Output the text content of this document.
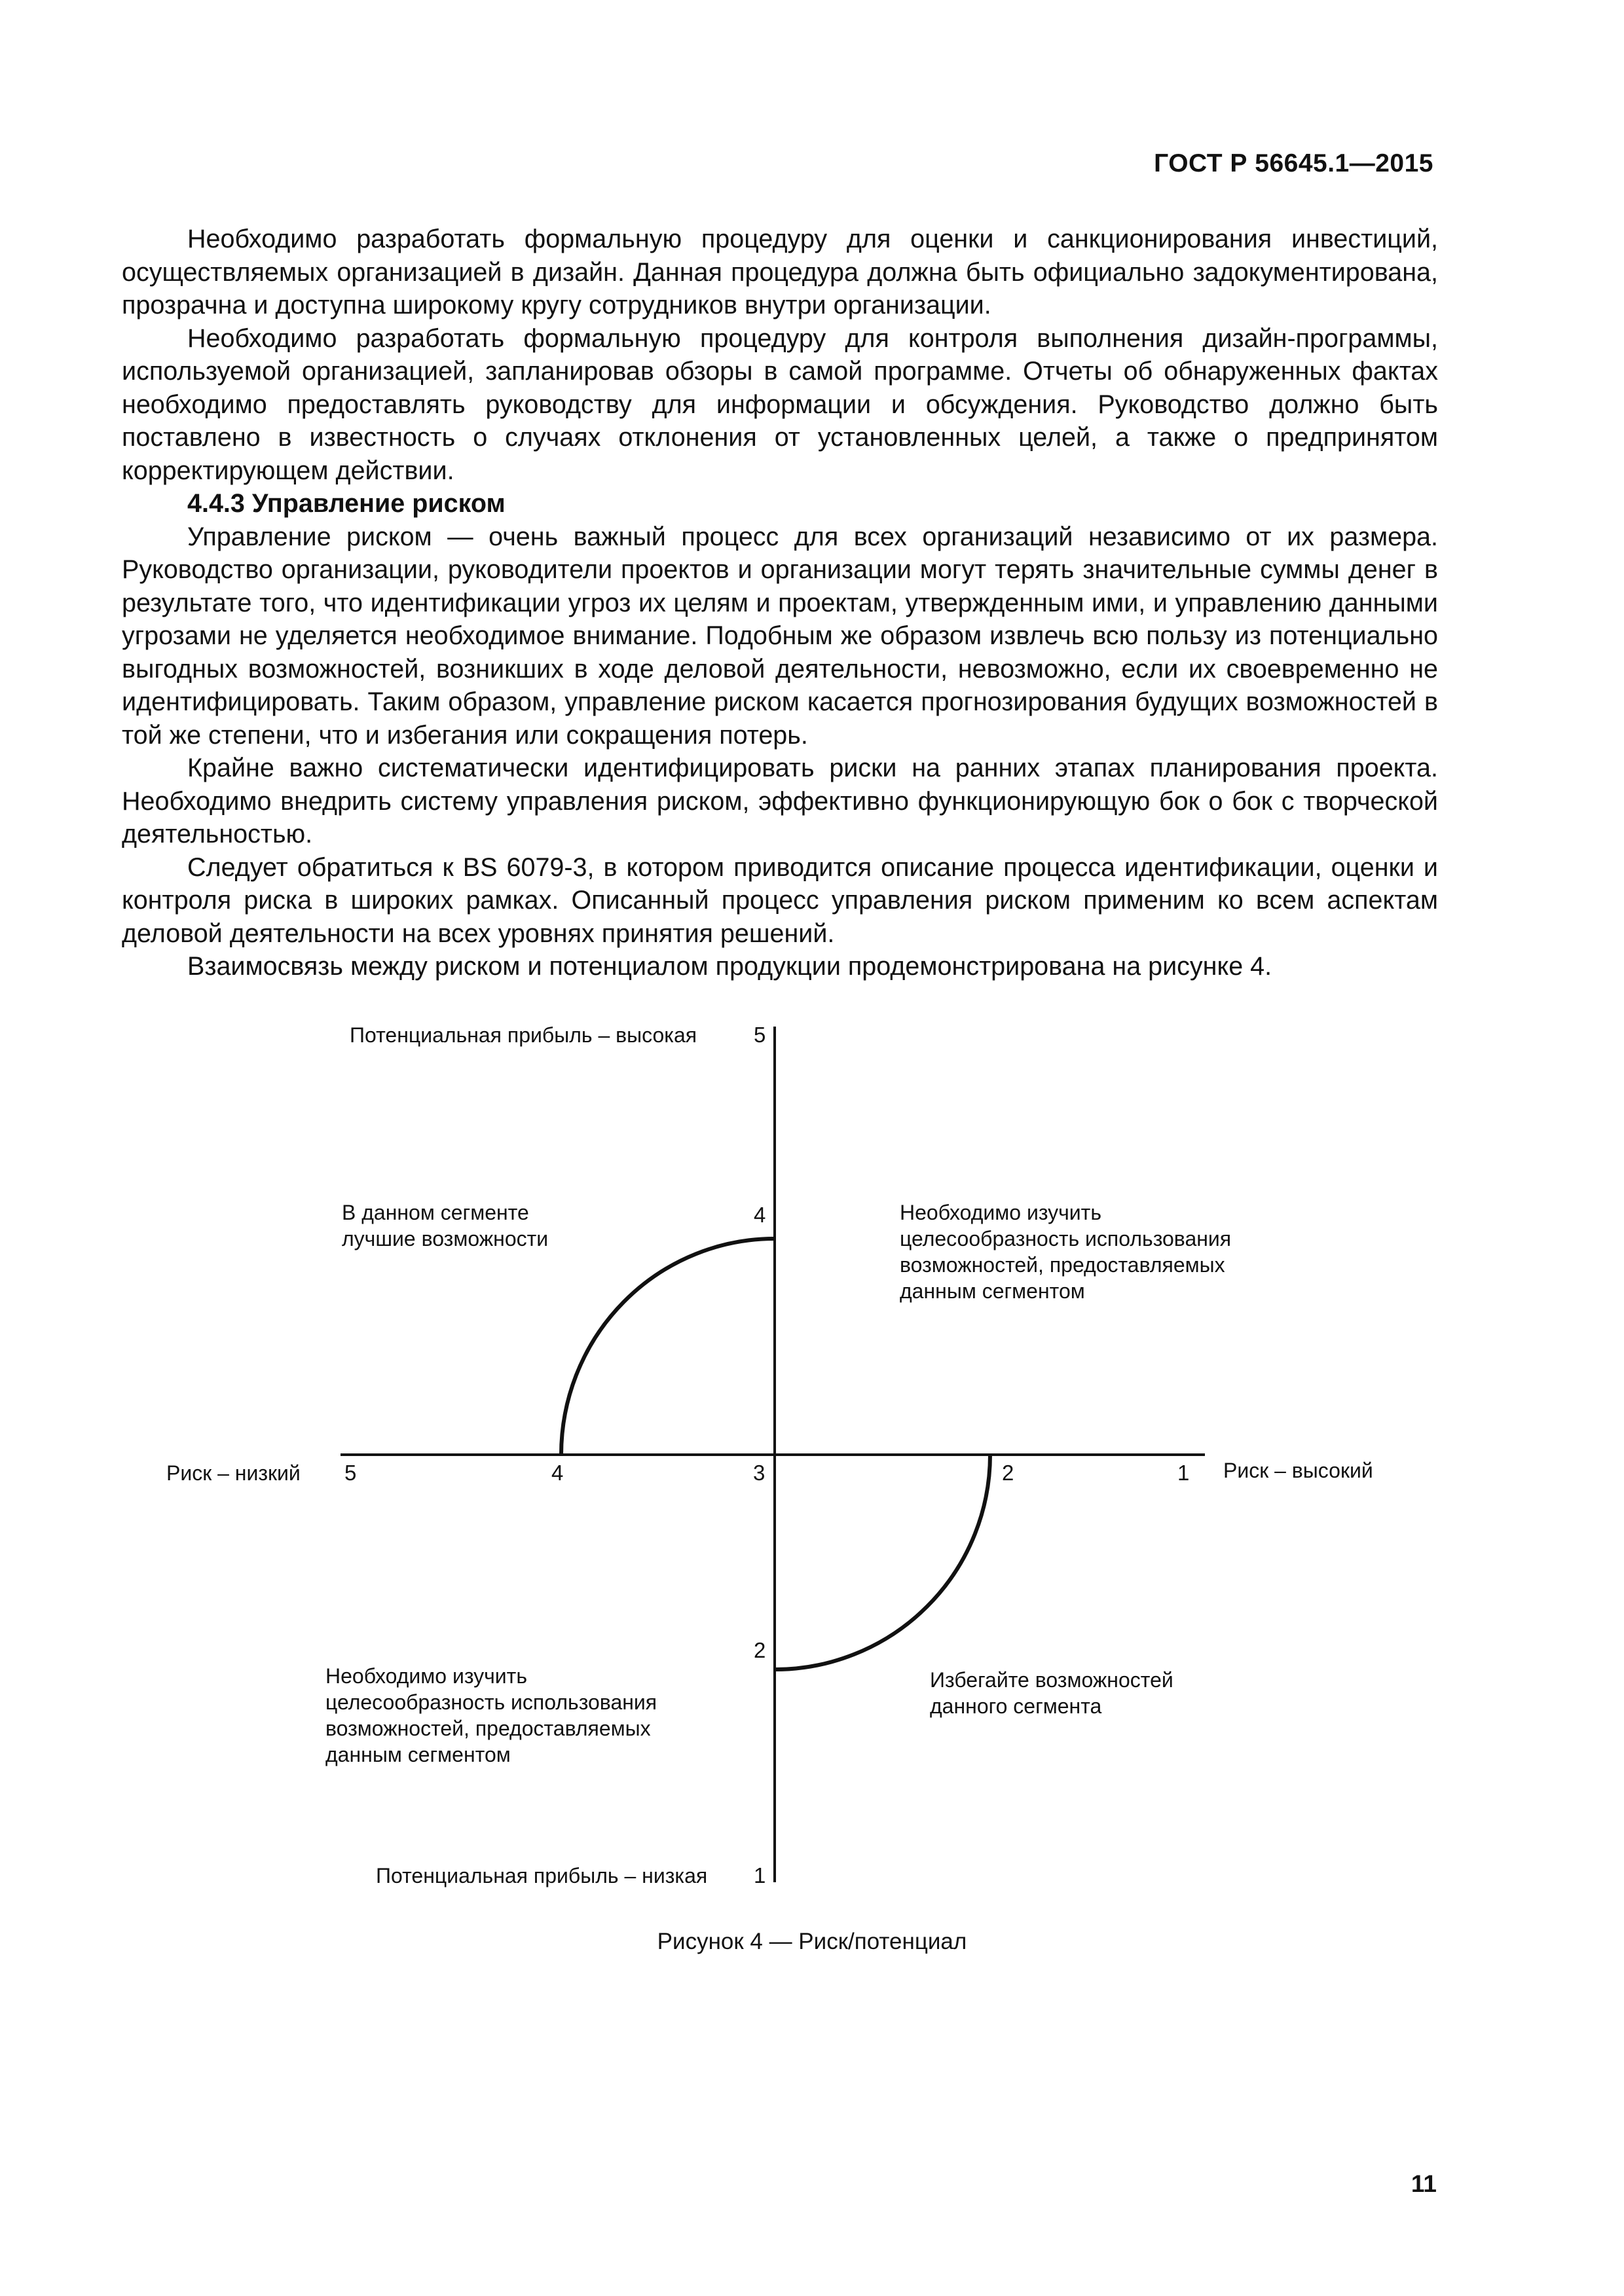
ГОСТ Р 56645.1—2015

Необходимо разработать формальную процедуру для оценки и санкционирования инвестиций, осуществляемых организацией в дизайн. Данная процедура должна быть официально задокументирована, прозрачна и доступна широкому кругу сотрудников внутри организации.

Необходимо разработать формальную процедуру для контроля выполнения дизайн-программы, используемой организацией, запланировав обзоры в самой программе. Отчеты об обнаруженных фактах необходимо предоставлять руководству для информации и обсуждения. Руководство должно быть поставлено в известность о случаях отклонения от установленных целей, а также о предпринятом корректирующем действии.

4.4.3 Управление риском

Управление риском — очень важный процесс для всех организаций независимо от их размера. Руководство организации, руководители проектов и организации могут терять значительные суммы денег в результате того, что идентификации угроз их целям и проектам, утвержденным ими, и управлению данными угрозами не уделяется необходимое внимание. Подобным же образом извлечь всю пользу из потенциально выгодных возможностей, возникших в ходе деловой деятельности, невозможно, если их своевременно не идентифицировать. Таким образом, управление риском касается прогнозирования будущих возможностей в той же степени, что и избегания или сокращения потерь.

Крайне важно систематически идентифицировать риски на ранних этапах планирования проекта. Необходимо внедрить систему управления риском, эффективно функционирующую бок о бок с творческой деятельностью.

Следует обратиться к BS 6079-3, в котором приводится описание процесса идентификации, оценки и контроля риска в широких рамках. Описанный процесс управления риском применим ко всем аспектам деловой деятельности на всех уровнях принятия решений.

Взаимосвязь между риском и потенциалом продукции продемонстрирована на рисунке 4.

Потенциальная прибыль – высокая	5
4
2
Потенциальная прибыль – низкая 1
Риск – низкий 5	4	3	2	1 Риск – высокий
В данном сегменте
лучшие возможности
Необходимо изучить
целесообразность использования
возможностей, предоставляемых
данным сегментом
Необходимо изучить
целесообразность использования
возможностей, предоставляемых
данным сегментом
Избегайте возможностей
данного сегмента
Рисунок 4 — Риск/потенциал
11
